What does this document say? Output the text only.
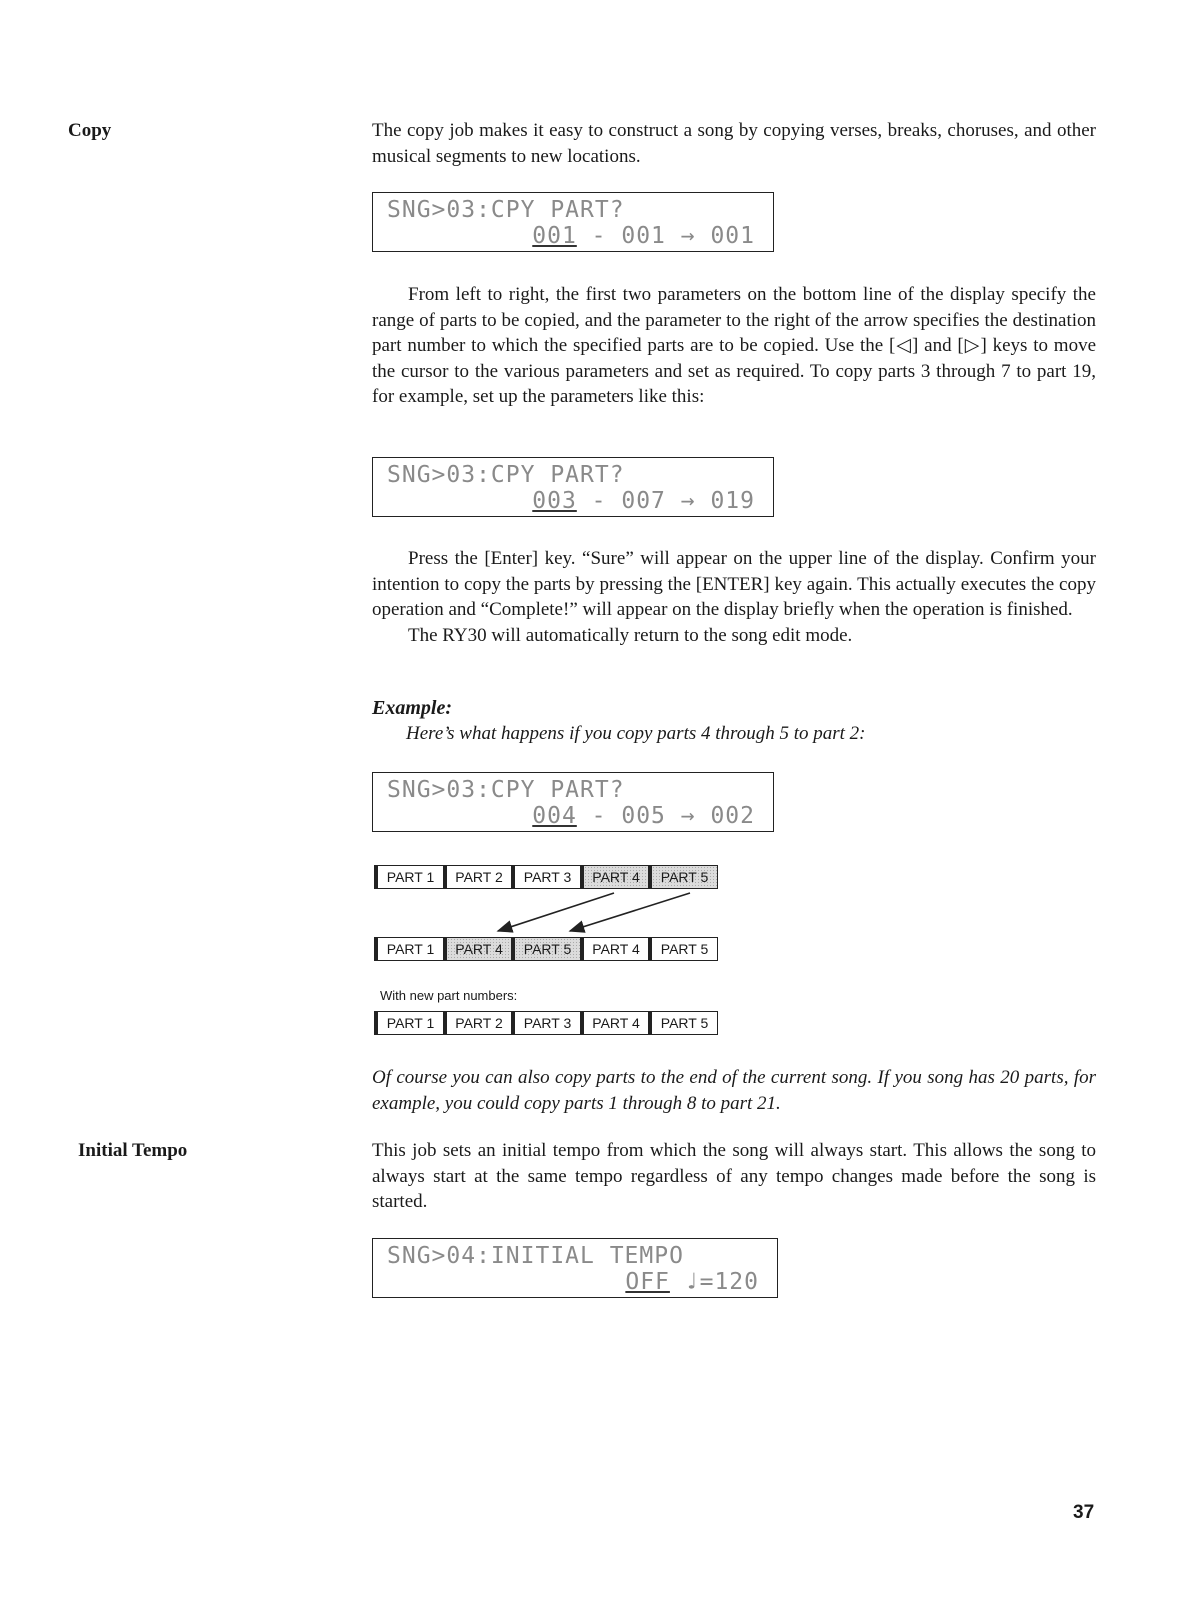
Copy	The copy job makes it easy to construct a song by copying verses, breaks, choruses, and other musical segments to new locations.

SNG>03:CPY PART?
001 - 001 → 001

From left to right, the first two parameters on the bottom line of the display specify the range of parts to be copied, and the parameter to the right of the arrow specifies the destination part number to which the specified parts are to be copied. Use the [◁] and [▷] keys to move the cursor to the various parameters and set as required. To copy parts 3 through 7 to part 19, for example, set up the parameters like this:

SNG>03:CPY PART?
003 - 007 → 019

Press the [Enter] key. “Sure” will appear on the upper line of the display. Confirm your intention to copy the parts by pressing the [ENTER] key again. This actually executes the copy operation and “Complete!” will appear on the display briefly when the operation is finished.

The RY30 will automatically return to the song edit mode.

Example:
Here’s what happens if you copy parts 4 through 5 to part 2:
SNG>03:CPY PART?
004 - 005 → 002
PART 1	PART 2	PART 3	PART 4	PART 5
PART 1	PART 4	PART 5	PART 4	PART 5
With new part numbers:
PART 1	PART 2	PART 3	PART 4	PART 5
Of course you can also copy parts to the end of the current song. If you song has 20 parts, for example, you could copy parts 1 through 8 to part 21.
Initial Tempo	This job sets an initial tempo from which the song will always start. This allows the song to always start at the same tempo regardless of any tempo changes made before the song is started.

SNG>04:INITIAL TEMPO
OFF ♩=120
37
